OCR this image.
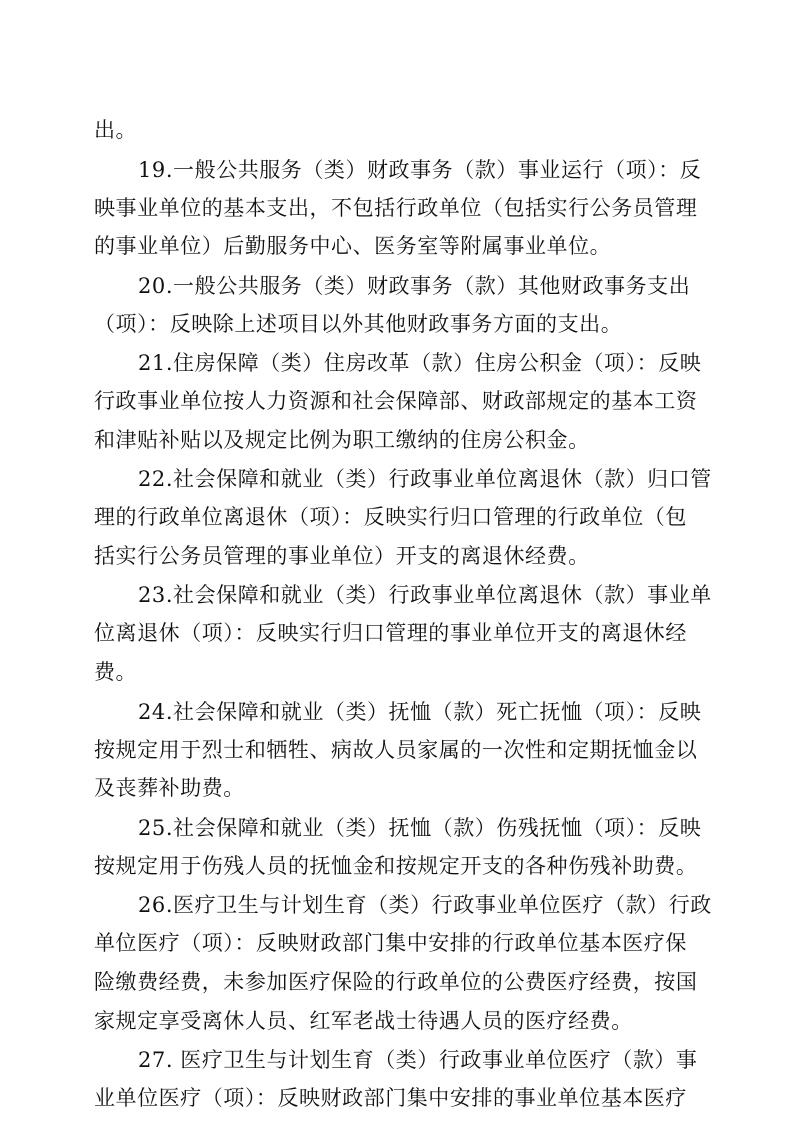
出。
19.一般公共服务（类）财政事务（款）事业运行（项）：反
映事业单位的基本支出，不包括行政单位（包括实行公务员管理
的事业单位）后勤服务中心、医务室等附属事业单位。
20.一般公共服务（类）财政事务（款）其他财政事务支出
（项）：反映除上述项目以外其他财政事务方面的支出。
21.住房保障（类）住房改革（款）住房公积金（项）：反映
行政事业单位按人力资源和社会保障部、财政部规定的基本工资
和津贴补贴以及规定比例为职工缴纳的住房公积金。
22.社会保障和就业（类）行政事业单位离退休（款）归口管
理的行政单位离退休（项）：反映实行归口管理的行政单位（包
括实行公务员管理的事业单位）开支的离退休经费。
23.社会保障和就业（类）行政事业单位离退休（款）事业单
位离退休（项）：反映实行归口管理的事业单位开支的离退休经
费。
24.社会保障和就业（类）抚恤（款）死亡抚恤（项）：反映
按规定用于烈士和牺牲、病故人员家属的一次性和定期抚恤金以
及丧葬补助费。
25.社会保障和就业（类）抚恤（款）伤残抚恤（项）：反映
按规定用于伤残人员的抚恤金和按规定开支的各种伤残补助费。
26.医疗卫生与计划生育（类）行政事业单位医疗（款）行政
单位医疗（项）：反映财政部门集中安排的行政单位基本医疗保
险缴费经费，未参加医疗保险的行政单位的公费医疗经费，按国
家规定享受离休人员、红军老战士待遇人员的医疗经费。
27. 医疗卫生与计划生育（类）行政事业单位医疗（款）事
业单位医疗（项）：反映财政部门集中安排的事业单位基本医疗
